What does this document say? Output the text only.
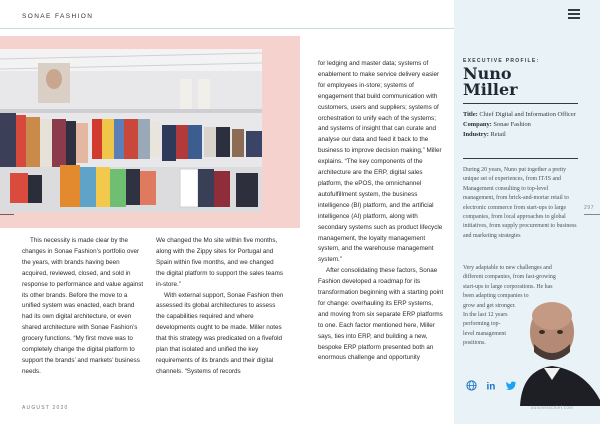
SONAE FASHION

This necessity is made clear by the changes in Sonae Fashion’s portfolio over the years, with brands having been acquired, reviewed, closed, and sold in response to performance and value against its other brands. Before the move to a unified system was enacted, each brand had its own digital architecture, or even shared architecture with Sonae Fashion’s grocery functions. “My first move was to completely change the digital platform to support the brands’ and markets’ business needs.

We changed the Mo site within five months, along with the Zippy sites for Portugal and Spain within five months, and we changed the digital platform to support the sales teams in-store.”

With external support, Sonae Fashion then assessed its global architectures to assess the capabilities required and where developments ought to be made. Miller notes that this strategy was predicated on a fivefold plan that isolated and unified the key requirements of its brands and their digital channels. “Systems of records

for ledging and master data; systems of enablement to make service delivery easier for employees in-store; systems of engagement that build communication with customers, users and suppliers; systems of orchestration to unify each of the systems; and systems of insight that can curate and analyse our data and feed it back to the business to improve decision making,” Miller explains. “The key components of the architecture are the ERP, digital sales platform, the ePOS, the omnichannel autofulfillment system, the business intelligence (BI) platform, and the artificial intelligence (AI) platform, along with secondary systems such as product lifecycle management, the loyalty management system, and the warehouse management system.”

After consolidating these factors, Sonae Fashion developed a roadmap for its transformation beginning with a starting point for change: overhauling its ERP systems, and moving from six separate ERP platforms to one. Each factor mentioned here, Miller says, ties into ERP, and building a new, bespoke ERP platform presented both an enormous challenge and opportunity

AUGUST 2020
EXECUTIVE PROFILE:
Nuno
Miller
Title: Chief Digital and Information Officer
Company: Sonae Fashion
Industry: Retail
During 20 years, Nuno put together a pretty unique set of experiences, from IT/IS and Management consulting to top-level management, from brick-and-mortar retail to electronic commerce from start-ups to large companies, from local approaches to global initiatives, from supply procurement to business and marketing strategies
Very adaptable to new challenges and
different companies, from fast-growing
start-ups to large corporations. He has
been adapting companies to
grow and get stronger.
In the last 12 years
performing top-
level management
positions.
297
in
businesschief.com
